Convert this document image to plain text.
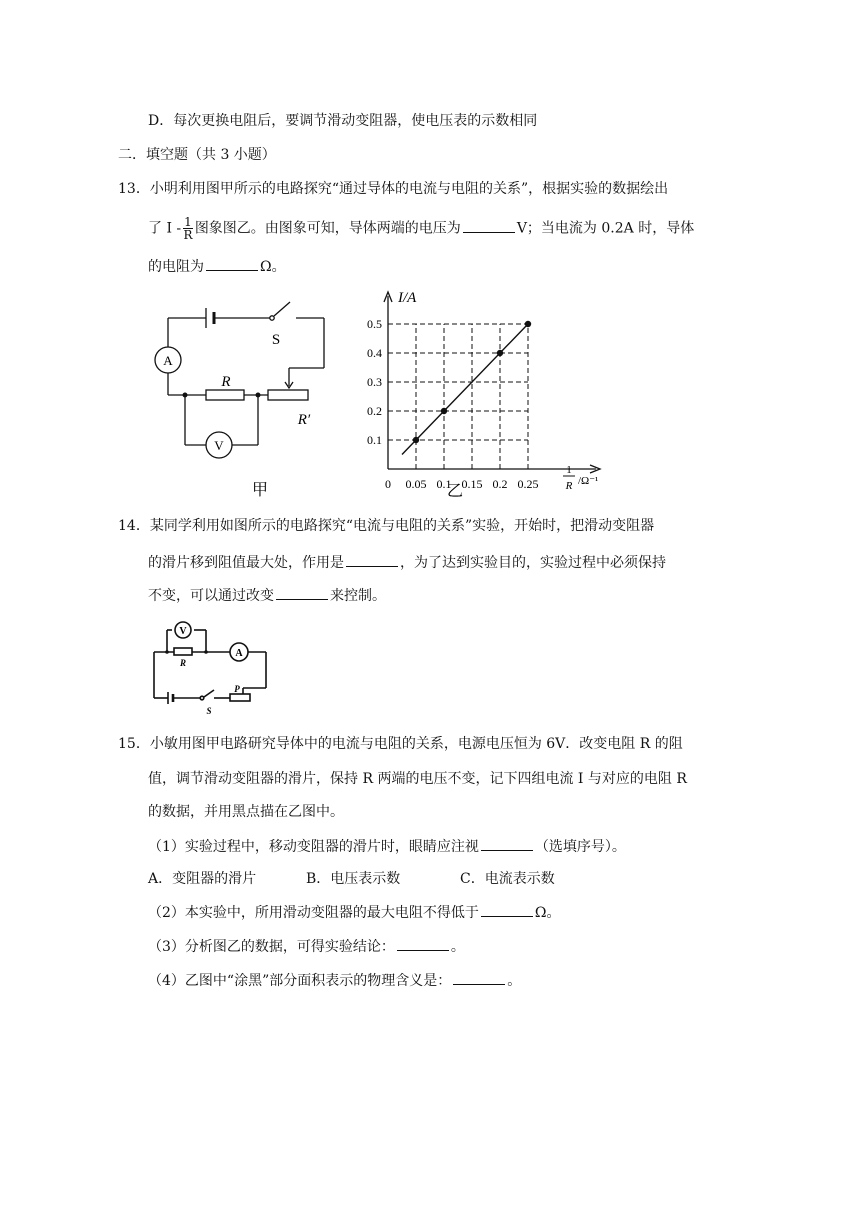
D．每次更换电阻后，要调节滑动变阻器，使电压表的示数相同
二．填空题（共 3 小题）
13．小明利用图甲所示的电路探究“通过导体的电流与电阻的关系”，根据实验的数据绘出
了 I - $\frac{1}{R}$ 图象图乙。由图象可知，导体两端的电压为	V；当电流为 0.2A 时，导体
的电阻为	Ω。
A
V
S
R
R′
甲	0 0.05 0.1 0.15 0.2 0.25
0.1
0.2
0.3
0.4
0.5
I/A
1
R /Ω⁻¹
乙
14．某同学利用如图所示的电路探究“电流与电阻的关系”实验，开始时，把滑动变阻器
的滑片移到阻值最大处，作用是	，为了达到实验目的，实验过程中必须保持
不变，可以通过改变	来控制。
V
A
R
S
P
15．小敏用图甲电路研究导体中的电流与电阻的关系，电源电压恒为 6V．改变电阻 R 的阻
值，调节滑动变阻器的滑片，保持 R 两端的电压不变，记下四组电流 I 与对应的电阻 R
的数据，并用黑点描在乙图中。
（1）实验过程中，移动变阻器的滑片时，眼睛应注视	（选填序号）。
A．变阻器的滑片	B．电压表示数	C．电流表示数
（2）本实验中，所用滑动变阻器的最大电阻不得低于	Ω。
（3）分析图乙的数据，可得实验结论：	。
（4）乙图中“涂黑”部分面积表示的物理含义是：	。
